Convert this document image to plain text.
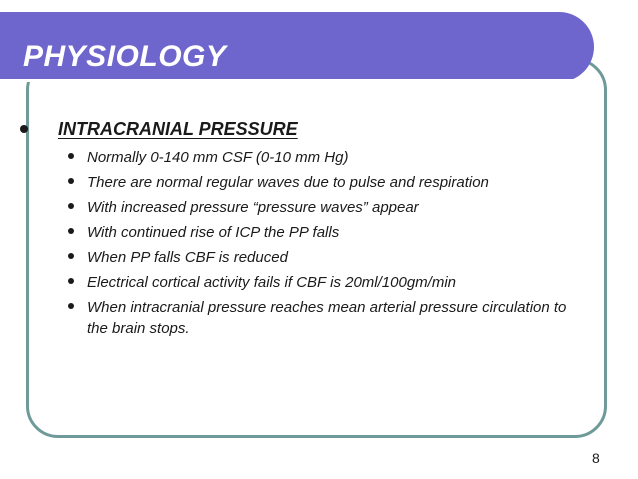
PHYSIOLOGY
INTRACRANIAL PRESSURE
Normally 0-140 mm CSF (0-10 mm Hg)
There are normal regular waves due to pulse and respiration
With increased pressure “pressure waves” appear
With continued rise of ICP the PP falls
When PP falls CBF is reduced
Electrical cortical activity fails if CBF is 20ml/100gm/min
When intracranial pressure reaches mean arterial pressure circulation to the brain stops.
8
